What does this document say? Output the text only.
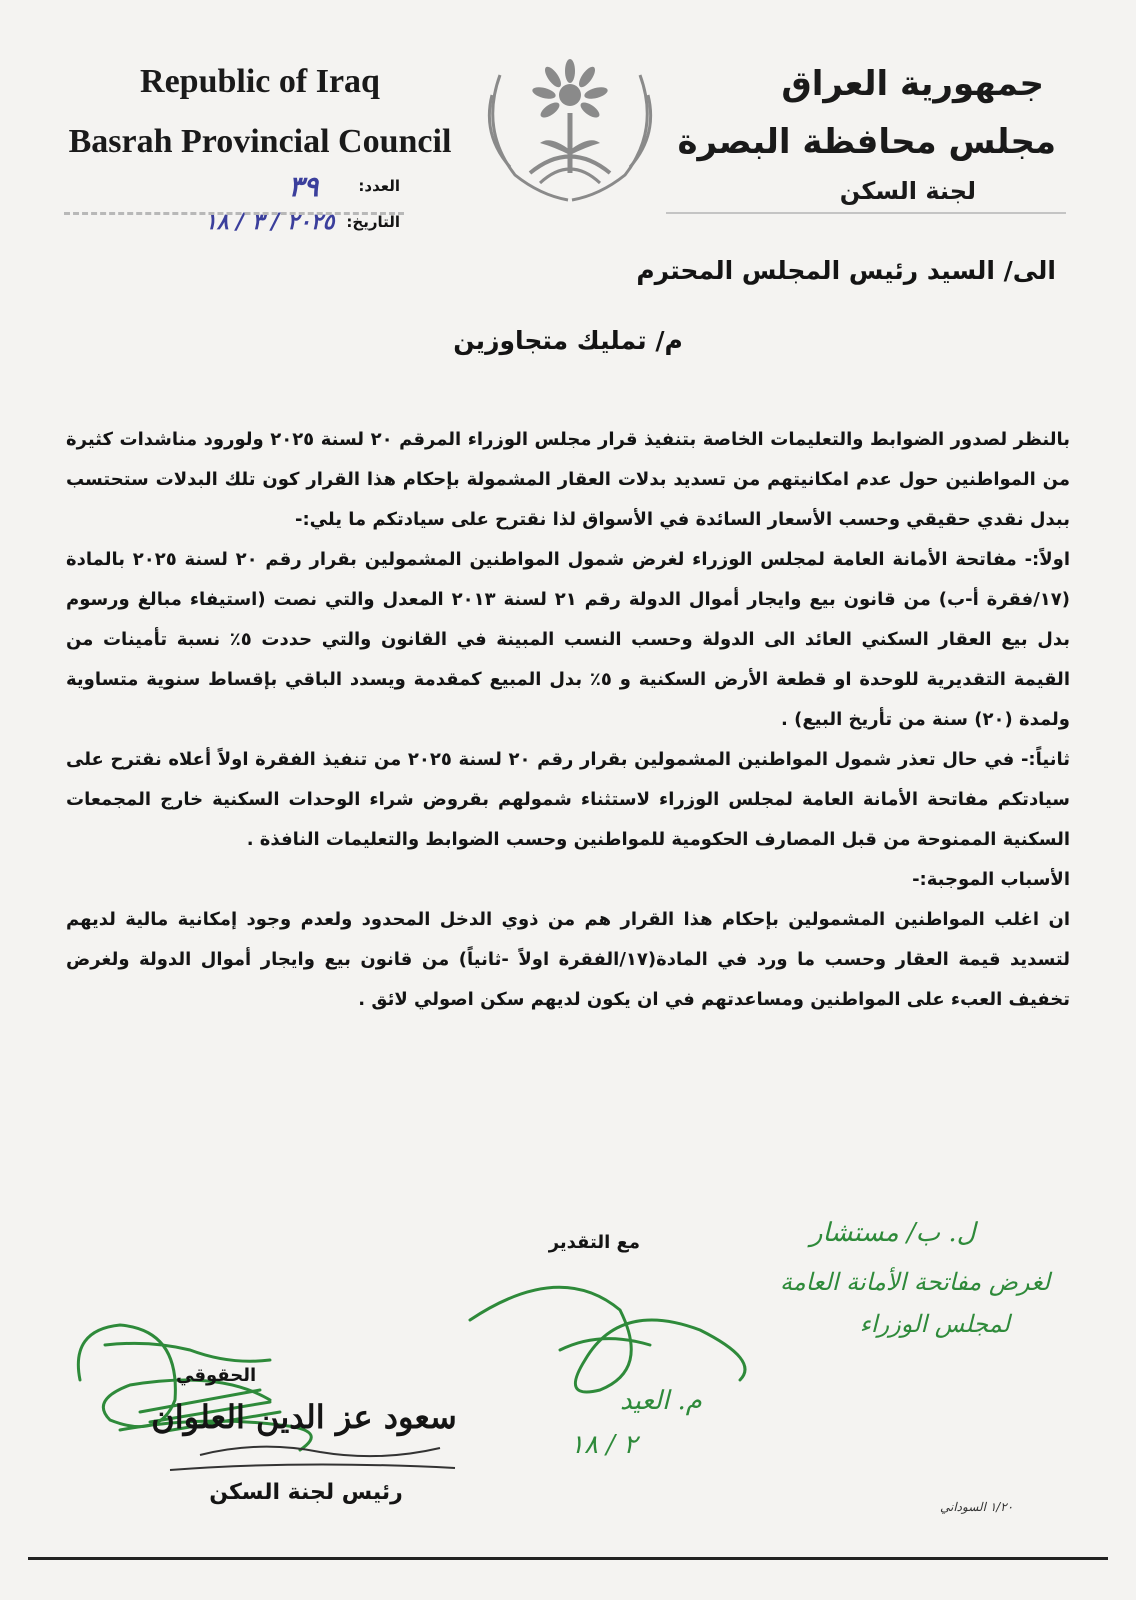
Republic of Iraq
Basrah Provincial Council
جمهورية العراق
مجلس محافظة البصرة
لجنة السكن
العدد:
٣٩
التاريخ:
٢٠٢٥ / ٣ / ١٨
الى/ السيد رئيس المجلس المحترم
م/ تمليك متجاوزين

بالنظر لصدور الضوابط والتعليمات الخاصة بتنفيذ قرار مجلس الوزراء المرقم ٢٠ لسنة ٢٠٢٥ ولورود مناشدات كثيرة من المواطنين حول عدم امكانيتهم من تسديد بدلات العقار المشمولة بإحكام هذا القرار كون تلك البدلات ستحتسب ببدل نقدي حقيقي وحسب الأسعار السائدة في الأسواق لذا نقترح على سيادتكم ما يلي:-

اولاً:- مفاتحة الأمانة العامة لمجلس الوزراء لغرض شمول المواطنين المشمولين بقرار رقم ٢٠ لسنة ٢٠٢٥ بالمادة (١٧/فقرة أ-ب) من قانون بيع وايجار أموال الدولة رقم ٢١ لسنة ٢٠١٣ المعدل والتي نصت (استيفاء مبالغ ورسوم بدل بيع العقار السكني العائد الى الدولة وحسب النسب المبينة في القانون والتي حددت ٥٪ نسبة تأمينات من القيمة التقديرية للوحدة او قطعة الأرض السكنية و ٥٪ بدل المبيع كمقدمة ويسدد الباقي بإقساط سنوية متساوية ولمدة (٢٠) سنة من تأريخ البيع) .

ثانياً:- في حال تعذر شمول المواطنين المشمولين بقرار رقم ٢٠ لسنة ٢٠٢٥ من تنفيذ الفقرة اولاً أعلاه نقترح على سيادتكم مفاتحة الأمانة العامة لمجلس الوزراء لاستثناء شمولهم بقروض شراء الوحدات السكنية خارج المجمعات السكنية الممنوحة من قبل المصارف الحكومية للمواطنين وحسب الضوابط والتعليمات النافذة .

الأسباب الموجبة:-

ان اغلب المواطنين المشمولين بإحكام هذا القرار هم من ذوي الدخل المحدود ولعدم وجود إمكانية مالية لديهم لتسديد قيمة العقار وحسب ما ورد في المادة(١٧/الفقرة اولاً -ثانياً) من قانون بيع وايجار أموال الدولة ولغرض تخفيف العبء على المواطنين ومساعدتهم في ان يكون لديهم سكن اصولي لائق .

مع التقدير	ل. ب/ مستشار
لغرض مفاتحة الأمانة العامة
لمجلس الوزراء
م. العيد
٢ / ١٨
الحقوقي
سعود عز الدين العلوان
رئيس لجنة السكن
١/٢٠ السوداني
